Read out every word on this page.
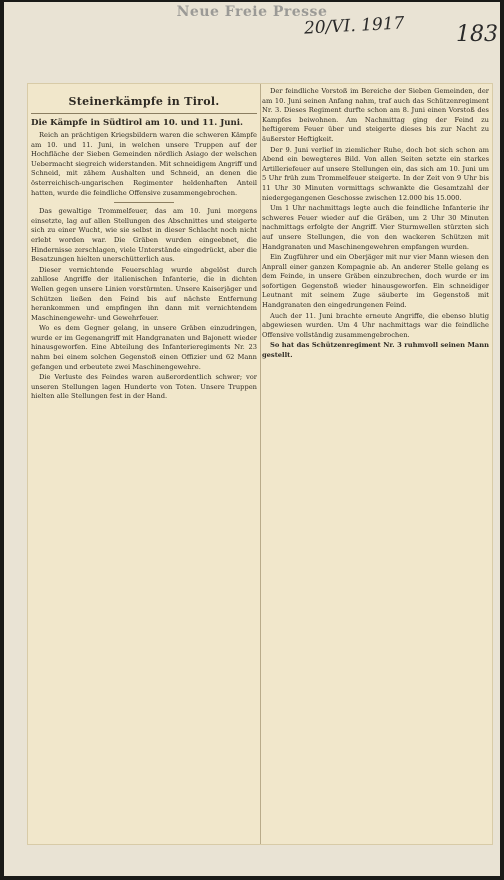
Neue Freie Presse
20/VI. 1917 183
Steinerkämpfe in Tirol.
Die Kämpfe in Südtirol am 10. und 11. Juni.

Reich an prächtigen Kriegsbildern waren die schweren Kämpfe am 10. und 11. Juni, in welchen unsere Truppen auf der Hochfläche der Sieben Gemeinden nördlich Asiago der welschen Uebermacht siegreich widerstanden. Mit schneidigem Angriff und Schneid, mit zähem Aushalten und Schneid, an denen die österreichisch-ungarischen Regimenter heldenhaften Anteil hatten, wurde die feindliche Offensive zusammengebrochen.

Das gewaltige Trommelfeuer, das am 10. Juni morgens einsetzte, lag auf allen Stellungen des Abschnittes und steigerte sich zu einer Wucht, wie sie selbst in dieser Schlacht noch nicht erlebt worden war. Die Gräben wurden eingeebnet, die Hindernisse zerschlagen, viele Unterstände eingedrückt, aber die Besatzungen hielten unerschütterlich aus.

Dieser vernichtende Feuerschlag wurde abgelöst durch zahllose Angriffe der italienischen Infanterie, die in dichten Wellen gegen unsere Linien vorstürmten. Unsere Kaiserjäger und Schützen ließen den Feind bis auf nächste Entfernung herankommen und empfingen ihn dann mit vernichtendem Maschinengewehr- und Gewehrfeuer.

Wo es dem Gegner gelang, in unsere Gräben einzudringen, wurde er im Gegenangriff mit Handgranaten und Bajonett wieder hinausgeworfen. Eine Abteilung des Infanterieregiments Nr. 23 nahm bei einem solchen Gegenstoß einen Offizier und 62 Mann gefangen und erbeutete zwei Maschinengewehre.

Die Verluste des Feindes waren außerordentlich schwer; vor unseren Stellungen lagen Hunderte von Toten. Unsere Truppen hielten alle Stellungen fest in der Hand.

Der feindliche Vorstoß im Bereiche der Sieben Gemeinden, der am 10. Juni seinen Anfang nahm, traf auch das Schützenregiment Nr. 3. Dieses Regiment durfte schon am 8. Juni einen Vorstoß des Kampfes beiwohnen. Am Nachmittag ging der Feind zu heftigerem Feuer über und steigerte dieses bis zur Nacht zu äußerster Heftigkeit.

Der 9. Juni verlief in ziemlicher Ruhe, doch bot sich schon am Abend ein bewegteres Bild. Von allen Seiten setzte ein starkes Artilleriefeuer auf unsere Stellungen ein, das sich am 10. Juni um 5 Uhr früh zum Trommelfeuer steigerte. In der Zeit von 9 Uhr bis 11 Uhr 30 Minuten vormittags schwankte die Gesamtzahl der niedergegangenen Geschosse zwischen 12.000 bis 15.000.

Um 1 Uhr nachmittags legte auch die feindliche Infanterie ihr schweres Feuer wieder auf die Gräben, um 2 Uhr 30 Minuten nachmittags erfolgte der Angriff. Vier Sturmwellen stürzten sich auf unsere Stellungen, die von den wackeren Schützen mit Handgranaten und Maschinengewehren empfangen wurden.

Ein Zugführer und ein Oberjäger mit nur vier Mann wiesen den Anprall einer ganzen Kompagnie ab. An anderer Stelle gelang es dem Feinde, in unsere Gräben einzubrechen, doch wurde er im sofortigen Gegenstoß wieder hinausgeworfen. Ein schneidiger Leutnant mit seinem Zuge säuberte im Gegenstoß mit Handgranaten den eingedrungenen Feind.

Auch der 11. Juni brachte erneute Angriffe, die ebenso blutig abgewiesen wurden. Um 4 Uhr nachmittags war die feindliche Offensive vollständig zusammengebrochen.

So hat das Schützenregiment Nr. 3 ruhmvoll seinen Mann gestellt.
